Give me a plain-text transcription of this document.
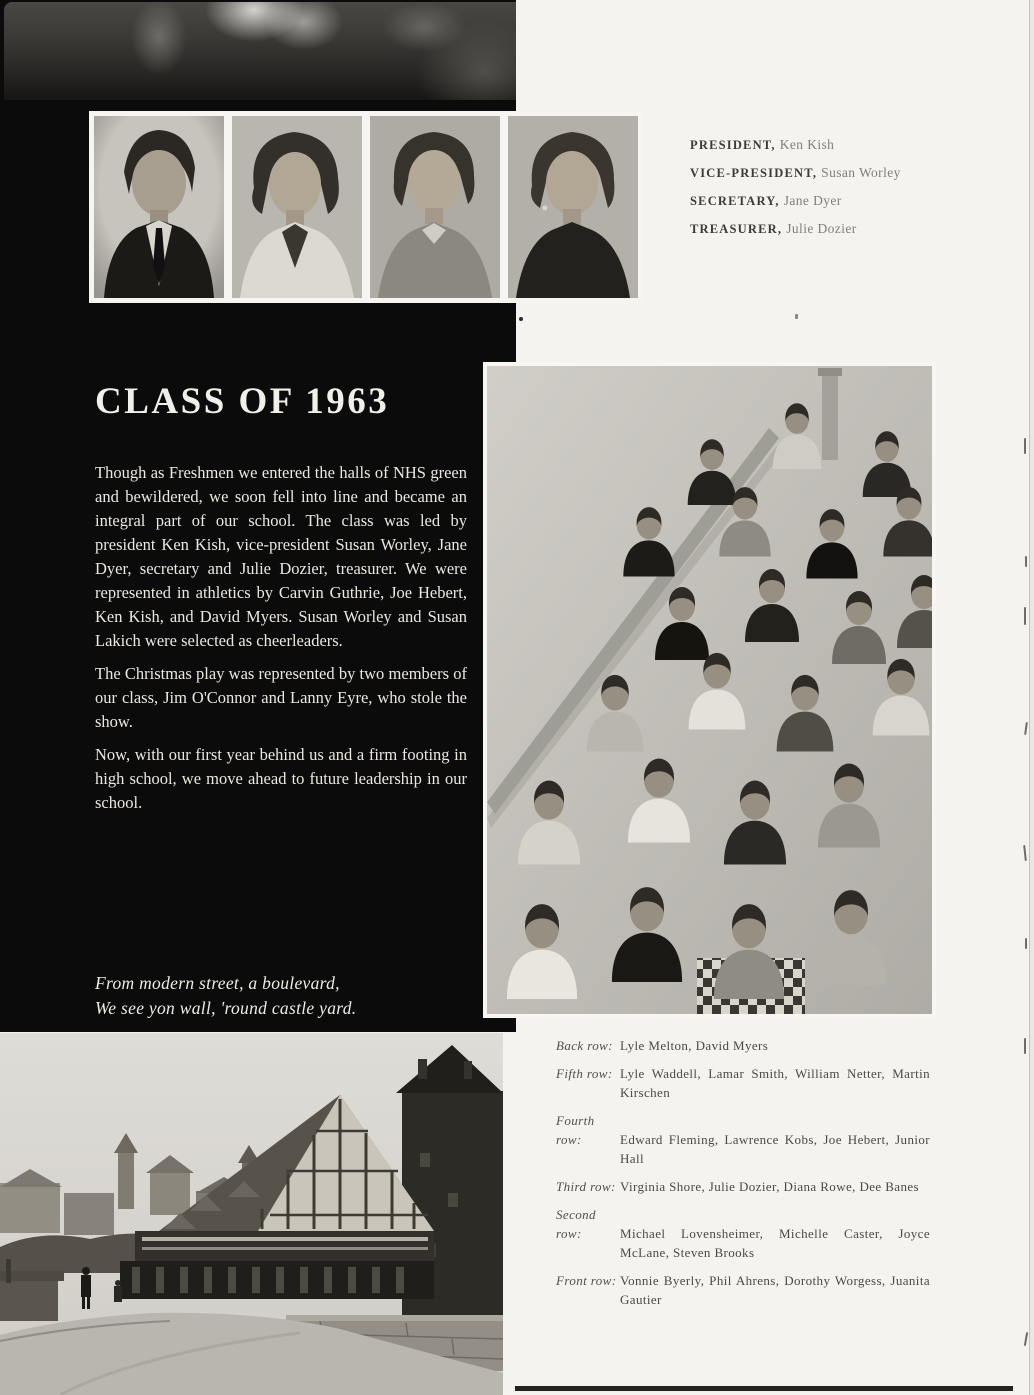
PRESIDENT, Ken Kish
VICE-PRESIDENT, Susan Worley
SECRETARY, Jane Dyer
TREASURER, Julie Dozier
CLASS OF 1963

Though as Freshmen we entered the halls of NHS green and bewildered, we soon fell into line and became an integral part of our school. The class was led by president Ken Kish, vice-president Susan Worley, Jane Dyer, secretary and Julie Dozier, treasurer. We were represented in athletics by Carvin Guthrie, Joe Hebert, Ken Kish, and David Myers. Susan Worley and Susan Lakich were selected as cheerleaders.

The Christmas play was represented by two members of our class, Jim O'Connor and Lanny Eyre, who stole the show.

Now, with our first year behind us and a firm footing in high school, we move ahead to future leadership in our school.

From modern street, a boulevard,
We see yon wall, 'round castle yard.
Back row: Lyle Melton, David Myers
Fifth row: Lyle Waddell, Lamar Smith, William Netter, Martin Kirschen
Fourth row:	Edward Fleming, Lawrence Kobs, Joe Hebert, Junior Hall
Third row: Virginia Shore, Julie Dozier, Diana Rowe, Dee Banes
Second row:	Michael Lovensheimer, Michelle Caster, Joyce McLane, Steven Brooks
Front row: Vonnie Byerly, Phil Ahrens, Dorothy Worgess, Juanita Gautier
